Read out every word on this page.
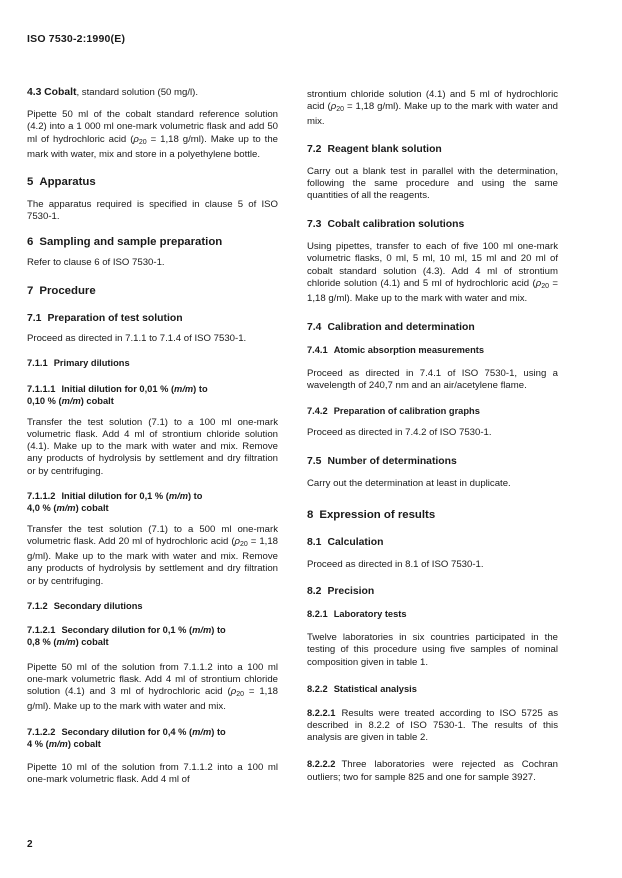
ISO 7530-2:1990(E)

4.3 Cobalt, standard solution (50 mg/l).

Pipette 50 ml of the cobalt standard reference solution (4.2) into a 1 000 ml one-mark volumetric flask and add 50 ml of hydrochloric acid ($\rho_{20} = 1,18$ g/ml). Make up to the mark with water, mix and store in a polyethylene bottle.

5 Apparatus

The apparatus required is specified in clause 5 of ISO 7530-1.

6 Sampling and sample preparation

Refer to clause 6 of ISO 7530-1.

7 Procedure

7.1 Preparation of test solution

Proceed as directed in 7.1.1 to 7.1.4 of ISO 7530-1.

7.1.1 Primary dilutions

7.1.1.1 Initial dilution for 0,01 % (m/m) to
0,10 % (m/m) cobalt

Transfer the test solution (7.1) to a 100 ml one-mark volumetric flask. Add 4 ml of strontium chloride solution (4.1). Make up to the mark with water and mix. Remove any products of hydrolysis by settlement and dry filtration or by centrifuging.

7.1.1.2 Initial dilution for 0,1 % (m/m) to
4,0 % (m/m) cobalt

Transfer the test solution (7.1) to a 500 ml one-mark volumetric flask. Add 20 ml of hydrochloric acid ($\rho_{20} = 1,18$ g/ml). Make up to the mark with water and mix. Remove any products of hydrolysis by settlement and dry filtration or by centrifuging.

7.1.2 Secondary dilutions

7.1.2.1 Secondary dilution for 0,1 % (m/m) to
0,8 % (m/m) cobalt

Pipette 50 ml of the solution from 7.1.1.2 into a 100 ml one-mark volumetric flask. Add 4 ml of strontium chloride solution (4.1) and 3 ml of hydrochloric acid ($\rho_{20} = 1,18$ g/ml). Make up to the mark with water and mix.

7.1.2.2 Secondary dilution for 0,4 % (m/m) to
4 % (m/m) cobalt

Pipette 10 ml of the solution from 7.1.1.2 into a 100 ml one-mark volumetric flask. Add 4 ml of

strontium chloride solution (4.1) and 5 ml of hydrochloric acid ($\rho_{20} = 1,18$ g/ml). Make up to the mark with water and mix.

7.2 Reagent blank solution

Carry out a blank test in parallel with the determination, following the same procedure and using the same quantities of all the reagents.

7.3 Cobalt calibration solutions

Using pipettes, transfer to each of five 100 ml one-mark volumetric flasks, 0 ml, 5 ml, 10 ml, 15 ml and 20 ml of cobalt standard solution (4.3). Add 4 ml of strontium chloride solution (4.1) and 5 ml of hydrochloric acid ($\rho_{20} = 1,18$ g/ml). Make up to the mark with water and mix.

7.4 Calibration and determination

7.4.1 Atomic absorption measurements

Proceed as directed in 7.4.1 of ISO 7530-1, using a wavelength of 240,7 nm and an air/acetylene flame.

7.4.2 Preparation of calibration graphs

Proceed as directed in 7.4.2 of ISO 7530-1.

7.5 Number of determinations

Carry out the determination at least in duplicate.

8 Expression of results

8.1 Calculation

Proceed as directed in 8.1 of ISO 7530-1.

8.2 Precision

8.2.1 Laboratory tests

Twelve laboratories in six countries participated in the testing of this procedure using five samples of nominal composition given in table 1.

8.2.2 Statistical analysis

8.2.2.1 Results were treated according to ISO 5725 as described in 8.2.2 of ISO 7530-1. The results of this analysis are given in table 2.

8.2.2.2 Three laboratories were rejected as Cochran outliers; two for sample 825 and one for sample 3927.

2
